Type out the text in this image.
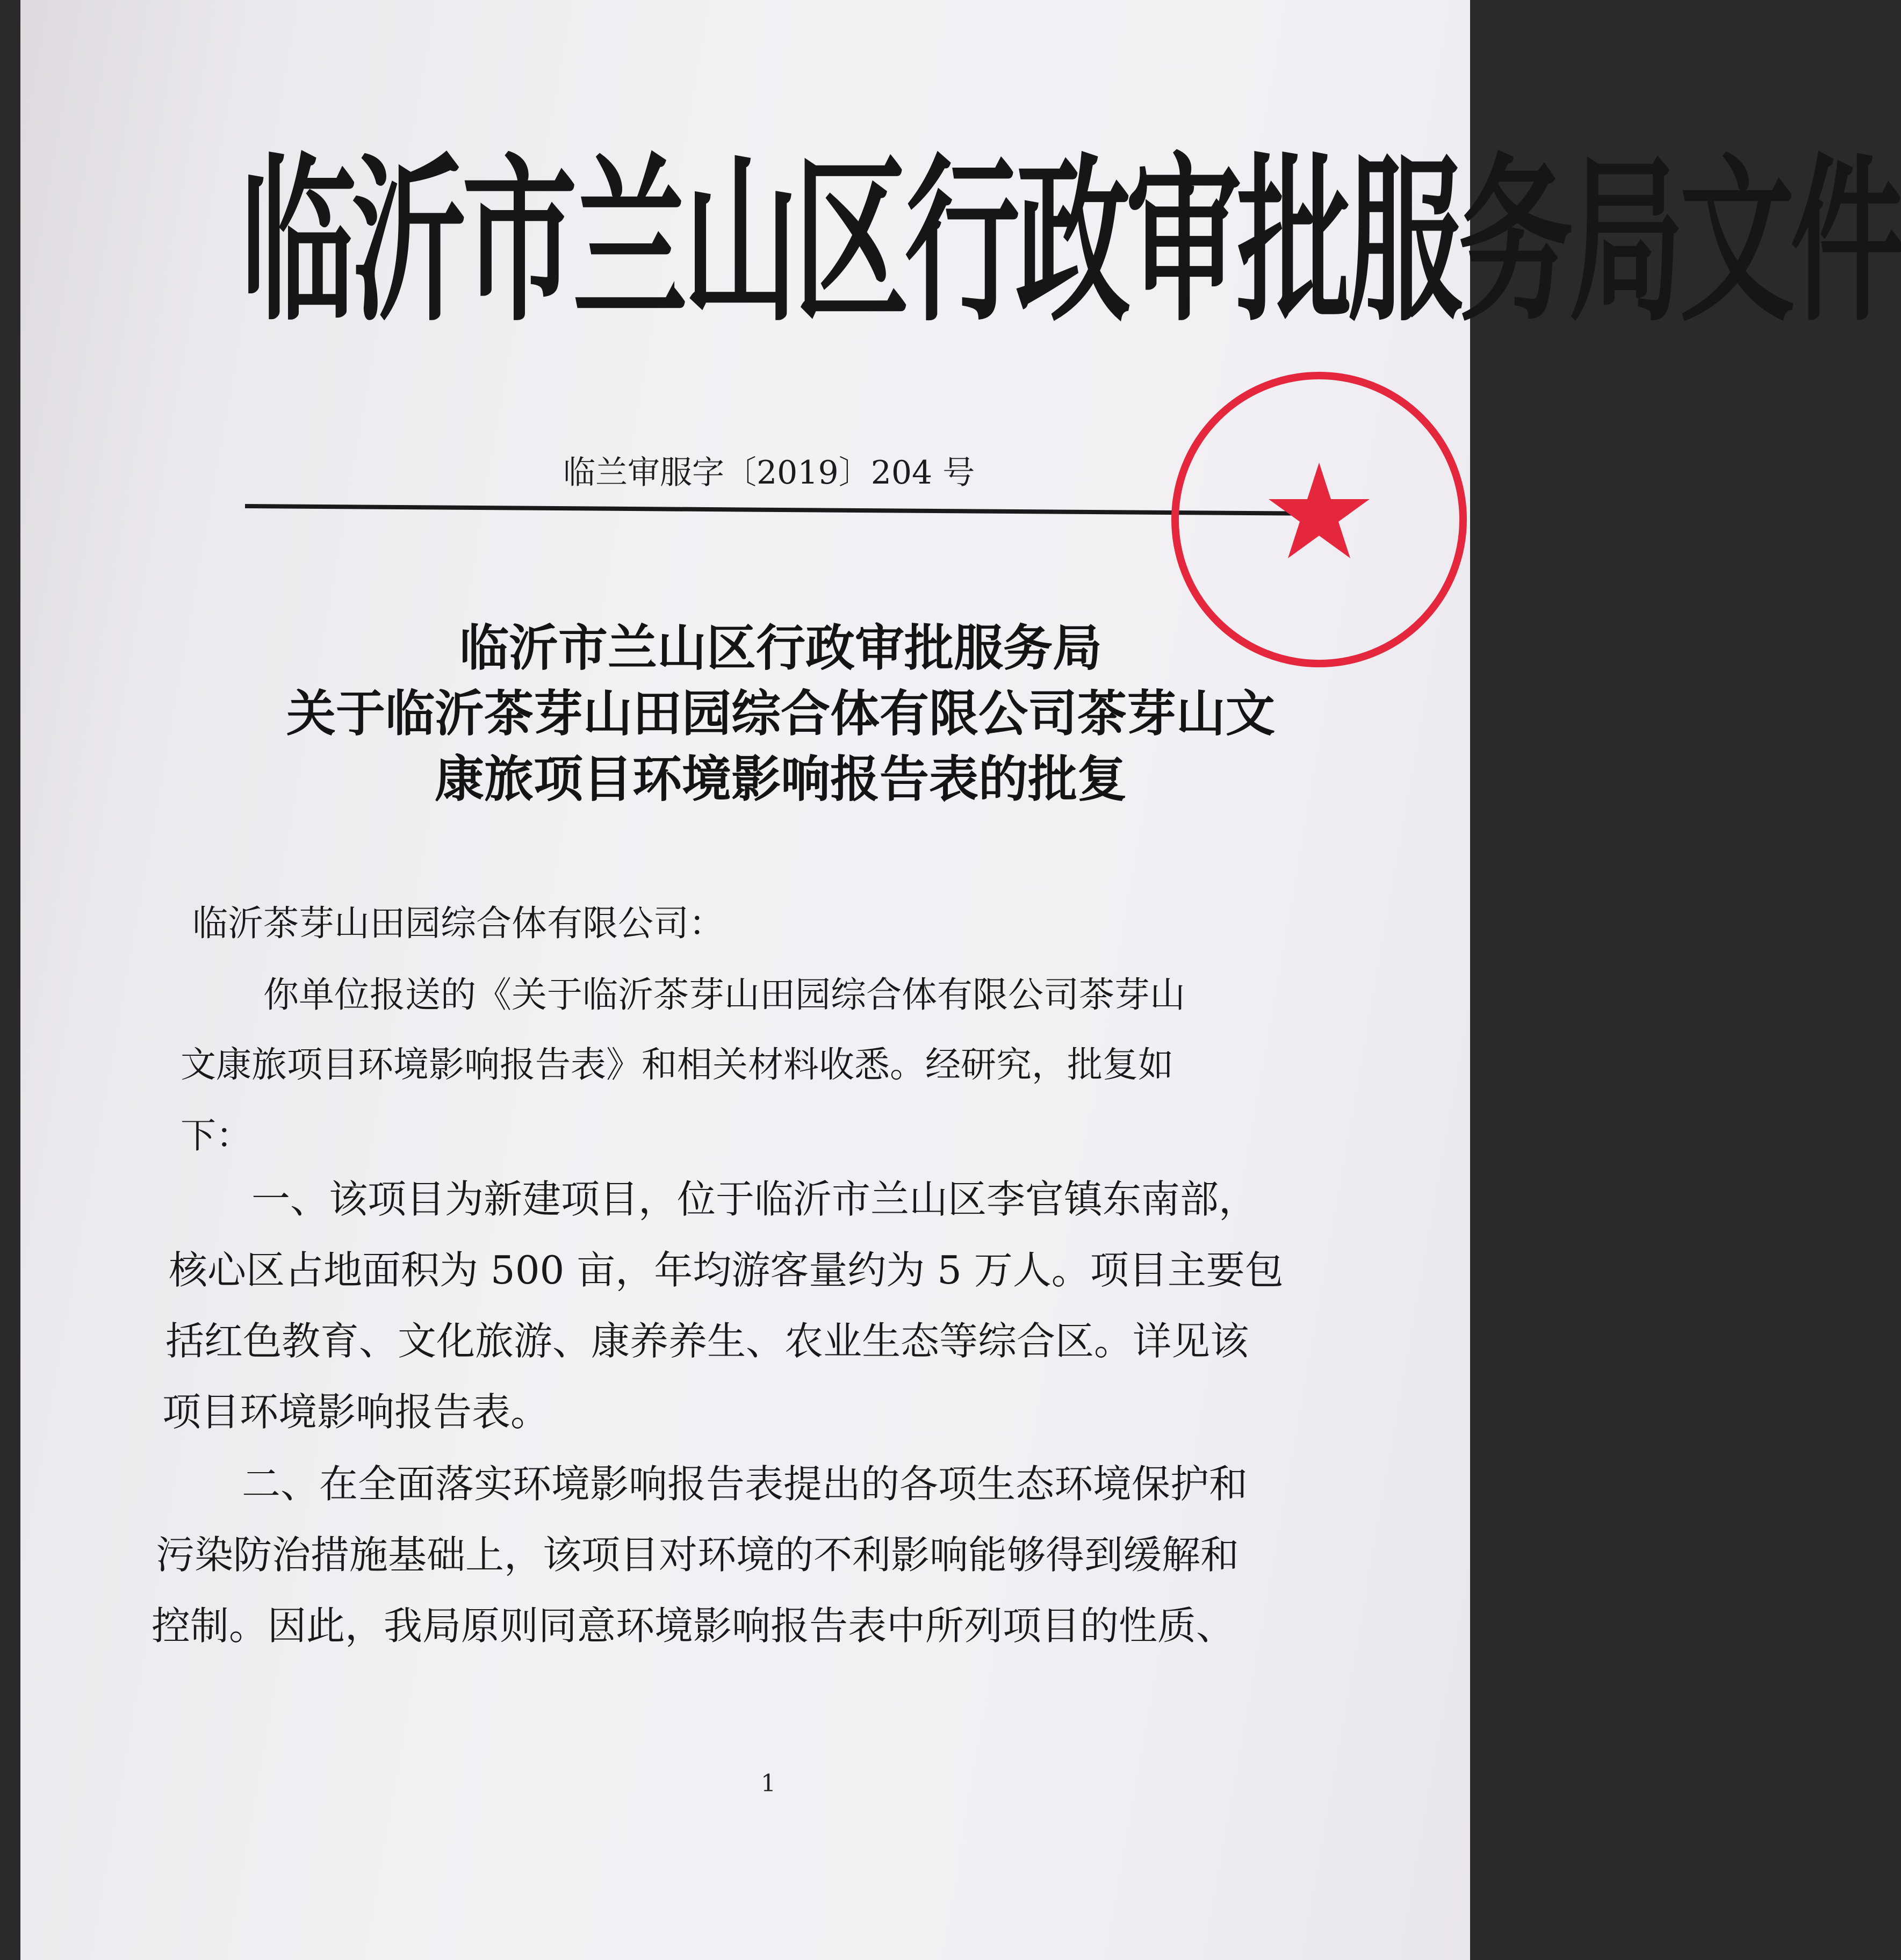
临沂市兰山区行政审批服务局文件

临兰审服字〔2019〕204 号

临沂市兰山区行政审批服务局
关于临沂茶芽山田园综合体有限公司茶芽山文
康旅项目环境影响报告表的批复

临沂茶芽山田园综合体有限公司：

你单位报送的《关于临沂茶芽山田园综合体有限公司茶芽山

文康旅项目环境影响报告表》和相关材料收悉。经研究，批复如

下：

一、该项目为新建项目，位于临沂市兰山区李官镇东南部，

核心区占地面积为 500 亩，年均游客量约为 5 万人。项目主要包

括红色教育、文化旅游、康养养生、农业生态等综合区。详见该

项目环境影响报告表。

二、在全面落实环境影响报告表提出的各项生态环境保护和

污染防治措施基础上，该项目对环境的不利影响能够得到缓解和

控制。因此，我局原则同意环境影响报告表中所列项目的性质、

1
